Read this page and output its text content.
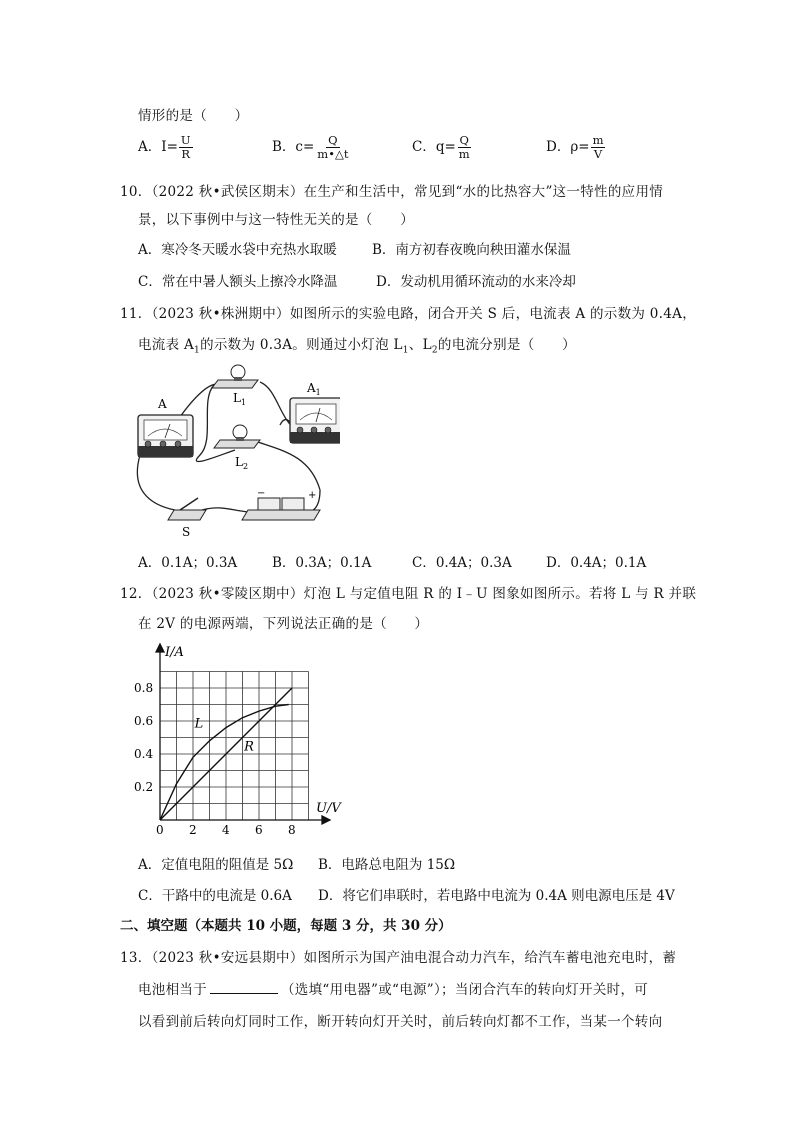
情形的是（　　）
A．$I= \frac{U}{R}$	B．$c= \frac{Q}{m•\triangle t}$	C．$q= \frac{Q}{m}$	D．$\rho= \frac{m}{V}$
10．（2022 秋•武侯区期末）在生产和生活中，常见到“水的比热容大”这一特性的应用情
景，以下事例中与这一特性无关的是（　　）
A．寒冷冬天暖水袋中充热水取暖	B．南方初春夜晚向秧田灌水保温
C．常在中暑人额头上擦冷水降温	D．发动机用循环流动的水来冷却
11．（2023 秋•株洲期中）如图所示的实验电路，闭合开关 S 后，电流表 A 的示数为 0.4A，
电流表 $A_1$的示数为 0.3A。则通过小灯泡 $L_1$、$L_2$的电流分别是（　　）
A
$A_1$
$L_1$
$L_2$
−	+
S
A．0.1A；0.3A	B．0.3A；0.1A	C．0.4A；0.3A	D．0.4A；0.1A
12．（2023 秋•零陵区期中）灯泡 L 与定值电阻 R 的 I﹣U 图象如图所示。若将 L 与 R 并联
在 2V 的电源两端，下列说法正确的是（　　）
0 2 4 6 8
0.2
0.4
0.6
0.8
L
R
I/A
U/V
A．定值电阻的阻值是 5Ω B．电路总电阻为 15Ω
C．干路中的电流是 0.6A D．将它们串联时，若电路中电流为 0.4A 则电源电压是 4V
二、填空题（本题共 10 小题，每题 3 分，共 30 分）
13．（2023 秋•安远县期中）如图所示为国产油电混合动力汽车，给汽车蓄电池充电时，蓄
电池相当于	（选填“用电器”或“电源”）；当闭合汽车的转向灯开关时，可
以看到前后转向灯同时工作，断开转向灯开关时，前后转向灯都不工作，当某一个转向
